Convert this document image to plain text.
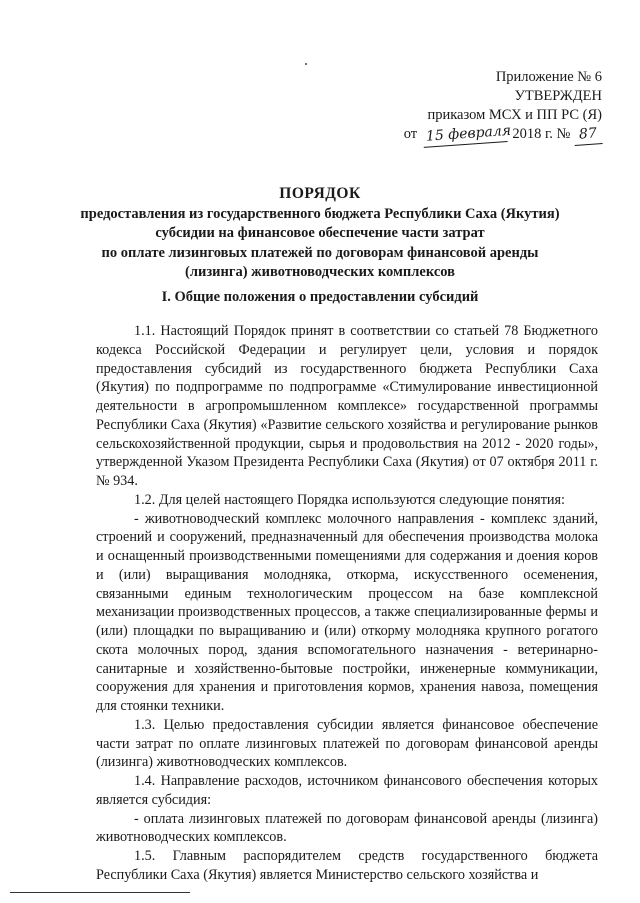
Приложение № 6
УТВЕРЖДЕН
приказом МСХ и ПП РС (Я)
от 15 февраля 2018 г. № 87
ПОРЯДОК
предоставления из государственного бюджета Республики Саха (Якутия)
субсидии на финансовое обеспечение части затрат
по оплате лизинговых платежей по договорам финансовой аренды
(лизинга) животноводческих комплексов
I. Общие положения о предоставлении субсидий

1.1. Настоящий Порядок принят в соответствии со статьей 78 Бюджетного кодекса Российской Федерации и регулирует цели, условия и порядок предоставления субсидий из государственного бюджета Республики Саха (Якутия) по подпрограмме по подпрограмме «Стимулирование инвестиционной деятельности в агропромышленном комплексе» государственной программы Республики Саха (Якутия) «Развитие сельского хозяйства и регулирование рынков сельскохозяйственной продукции, сырья и продовольствия на 2012 - 2020 годы», утвержденной Указом Президента Республики Саха (Якутия) от 07 октября 2011 г. № 934.

1.2. Для целей настоящего Порядка используются следующие понятия:

- животноводческий комплекс молочного направления - комплекс зданий, строений и сооружений, предназначенный для обеспечения производства молока и оснащенный производственными помещениями для содержания и доения коров и (или) выращивания молодняка, откорма, искусственного осеменения, связанными единым технологическим процессом на базе комплексной механизации производственных процессов, а также специализированные фермы и (или) площадки по выращиванию и (или) откорму молодняка крупного рогатого скота молочных пород, здания вспомогательного назначения - ветеринарно-санитарные и хозяйственно-бытовые постройки, инженерные коммуникации, сооружения для хранения и приготовления кормов, хранения навоза, помещения для стоянки техники.

1.3. Целью предоставления субсидии является финансовое обеспечение части затрат по оплате лизинговых платежей по договорам финансовой аренды (лизинга) животноводческих комплексов.

1.4. Направление расходов, источником финансового обеспечения которых является субсидия:

- оплата лизинговых платежей по договорам финансовой аренды (лизинга) животноводческих комплексов.

1.5. Главным распорядителем средств государственного бюджета Республики Саха (Якутия) является Министерство сельского хозяйства и
